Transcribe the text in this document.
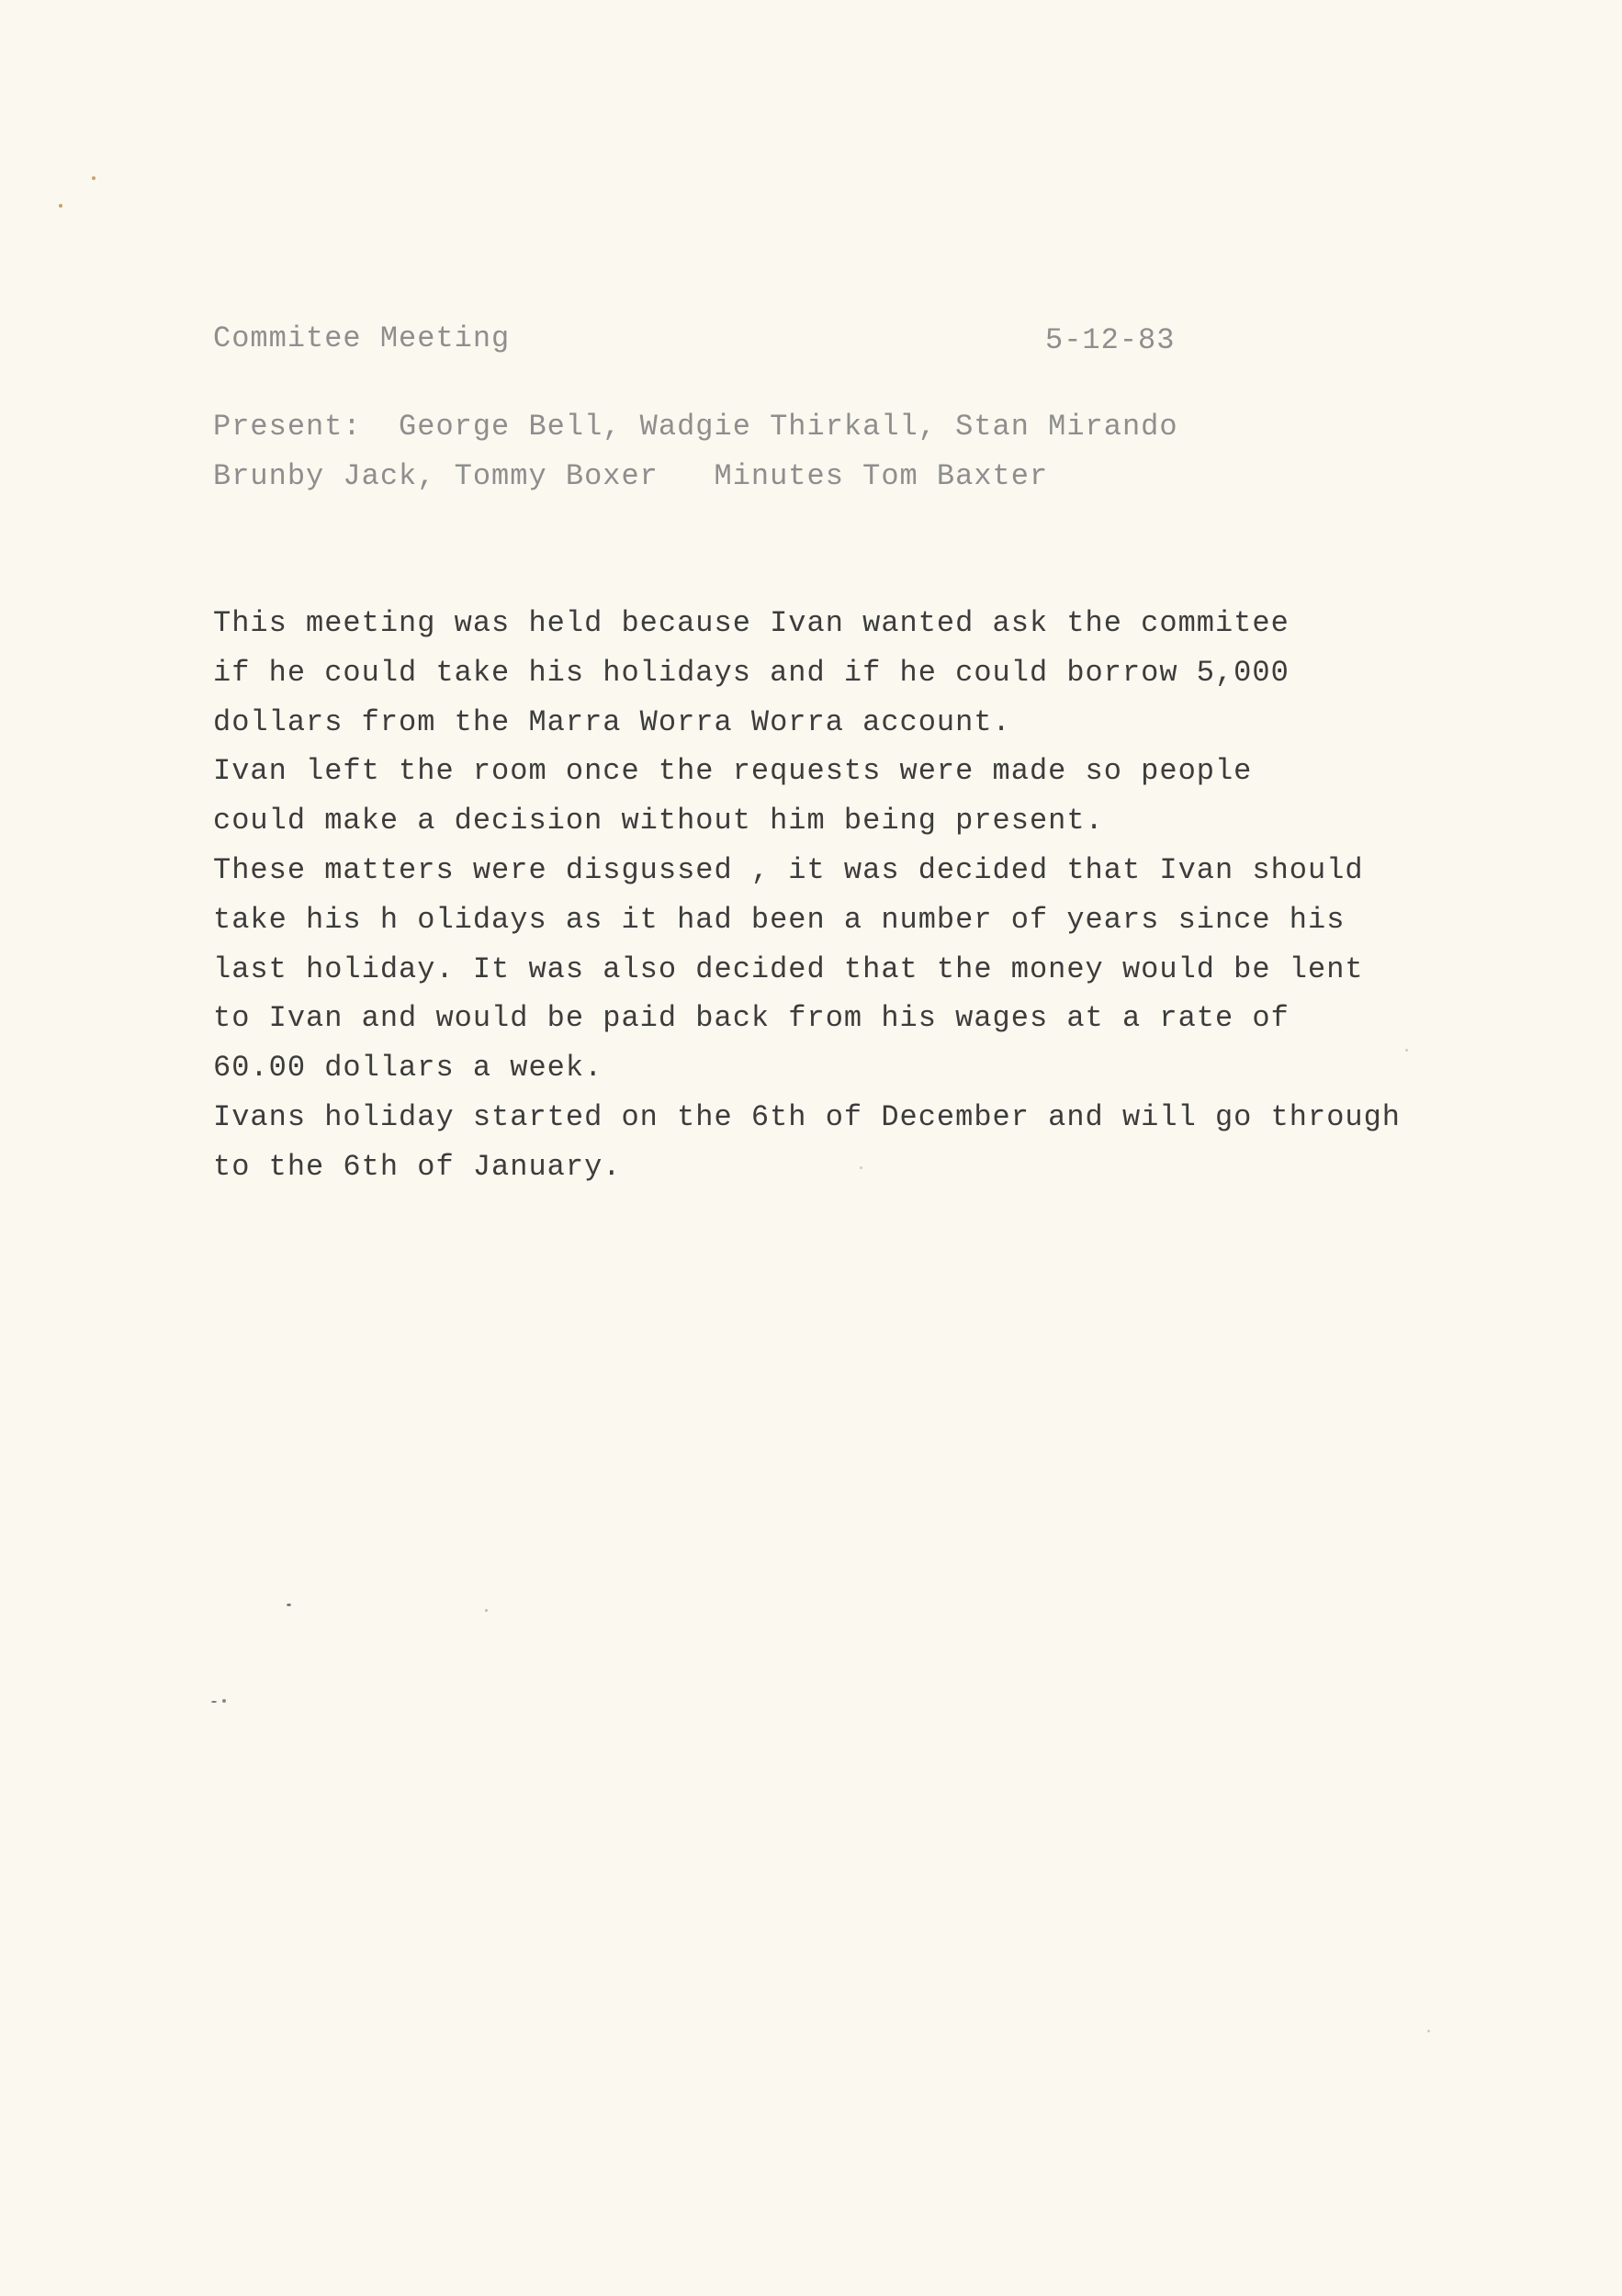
Commitee Meeting	5-12-83
Present:  George Bell, Wadgie Thirkall, Stan Mirando
Brunby Jack, Tommy Boxer   Minutes Tom Baxter
This meeting was held because Ivan wanted ask the commitee
if he could take his holidays and if he could borrow 5,000
dollars from the Marra Worra Worra account.
Ivan left the room once the requests were made so people
could make a decision without him being present.
These matters were disgussed , it was decided that Ivan should
take his h olidays as it had been a number of years since his
last holiday. It was also decided that the money would be lent
to Ivan and would be paid back from his wages at a rate of
60.00 dollars a week.
Ivans holiday started on the 6th of December and will go through
to the 6th of January.
